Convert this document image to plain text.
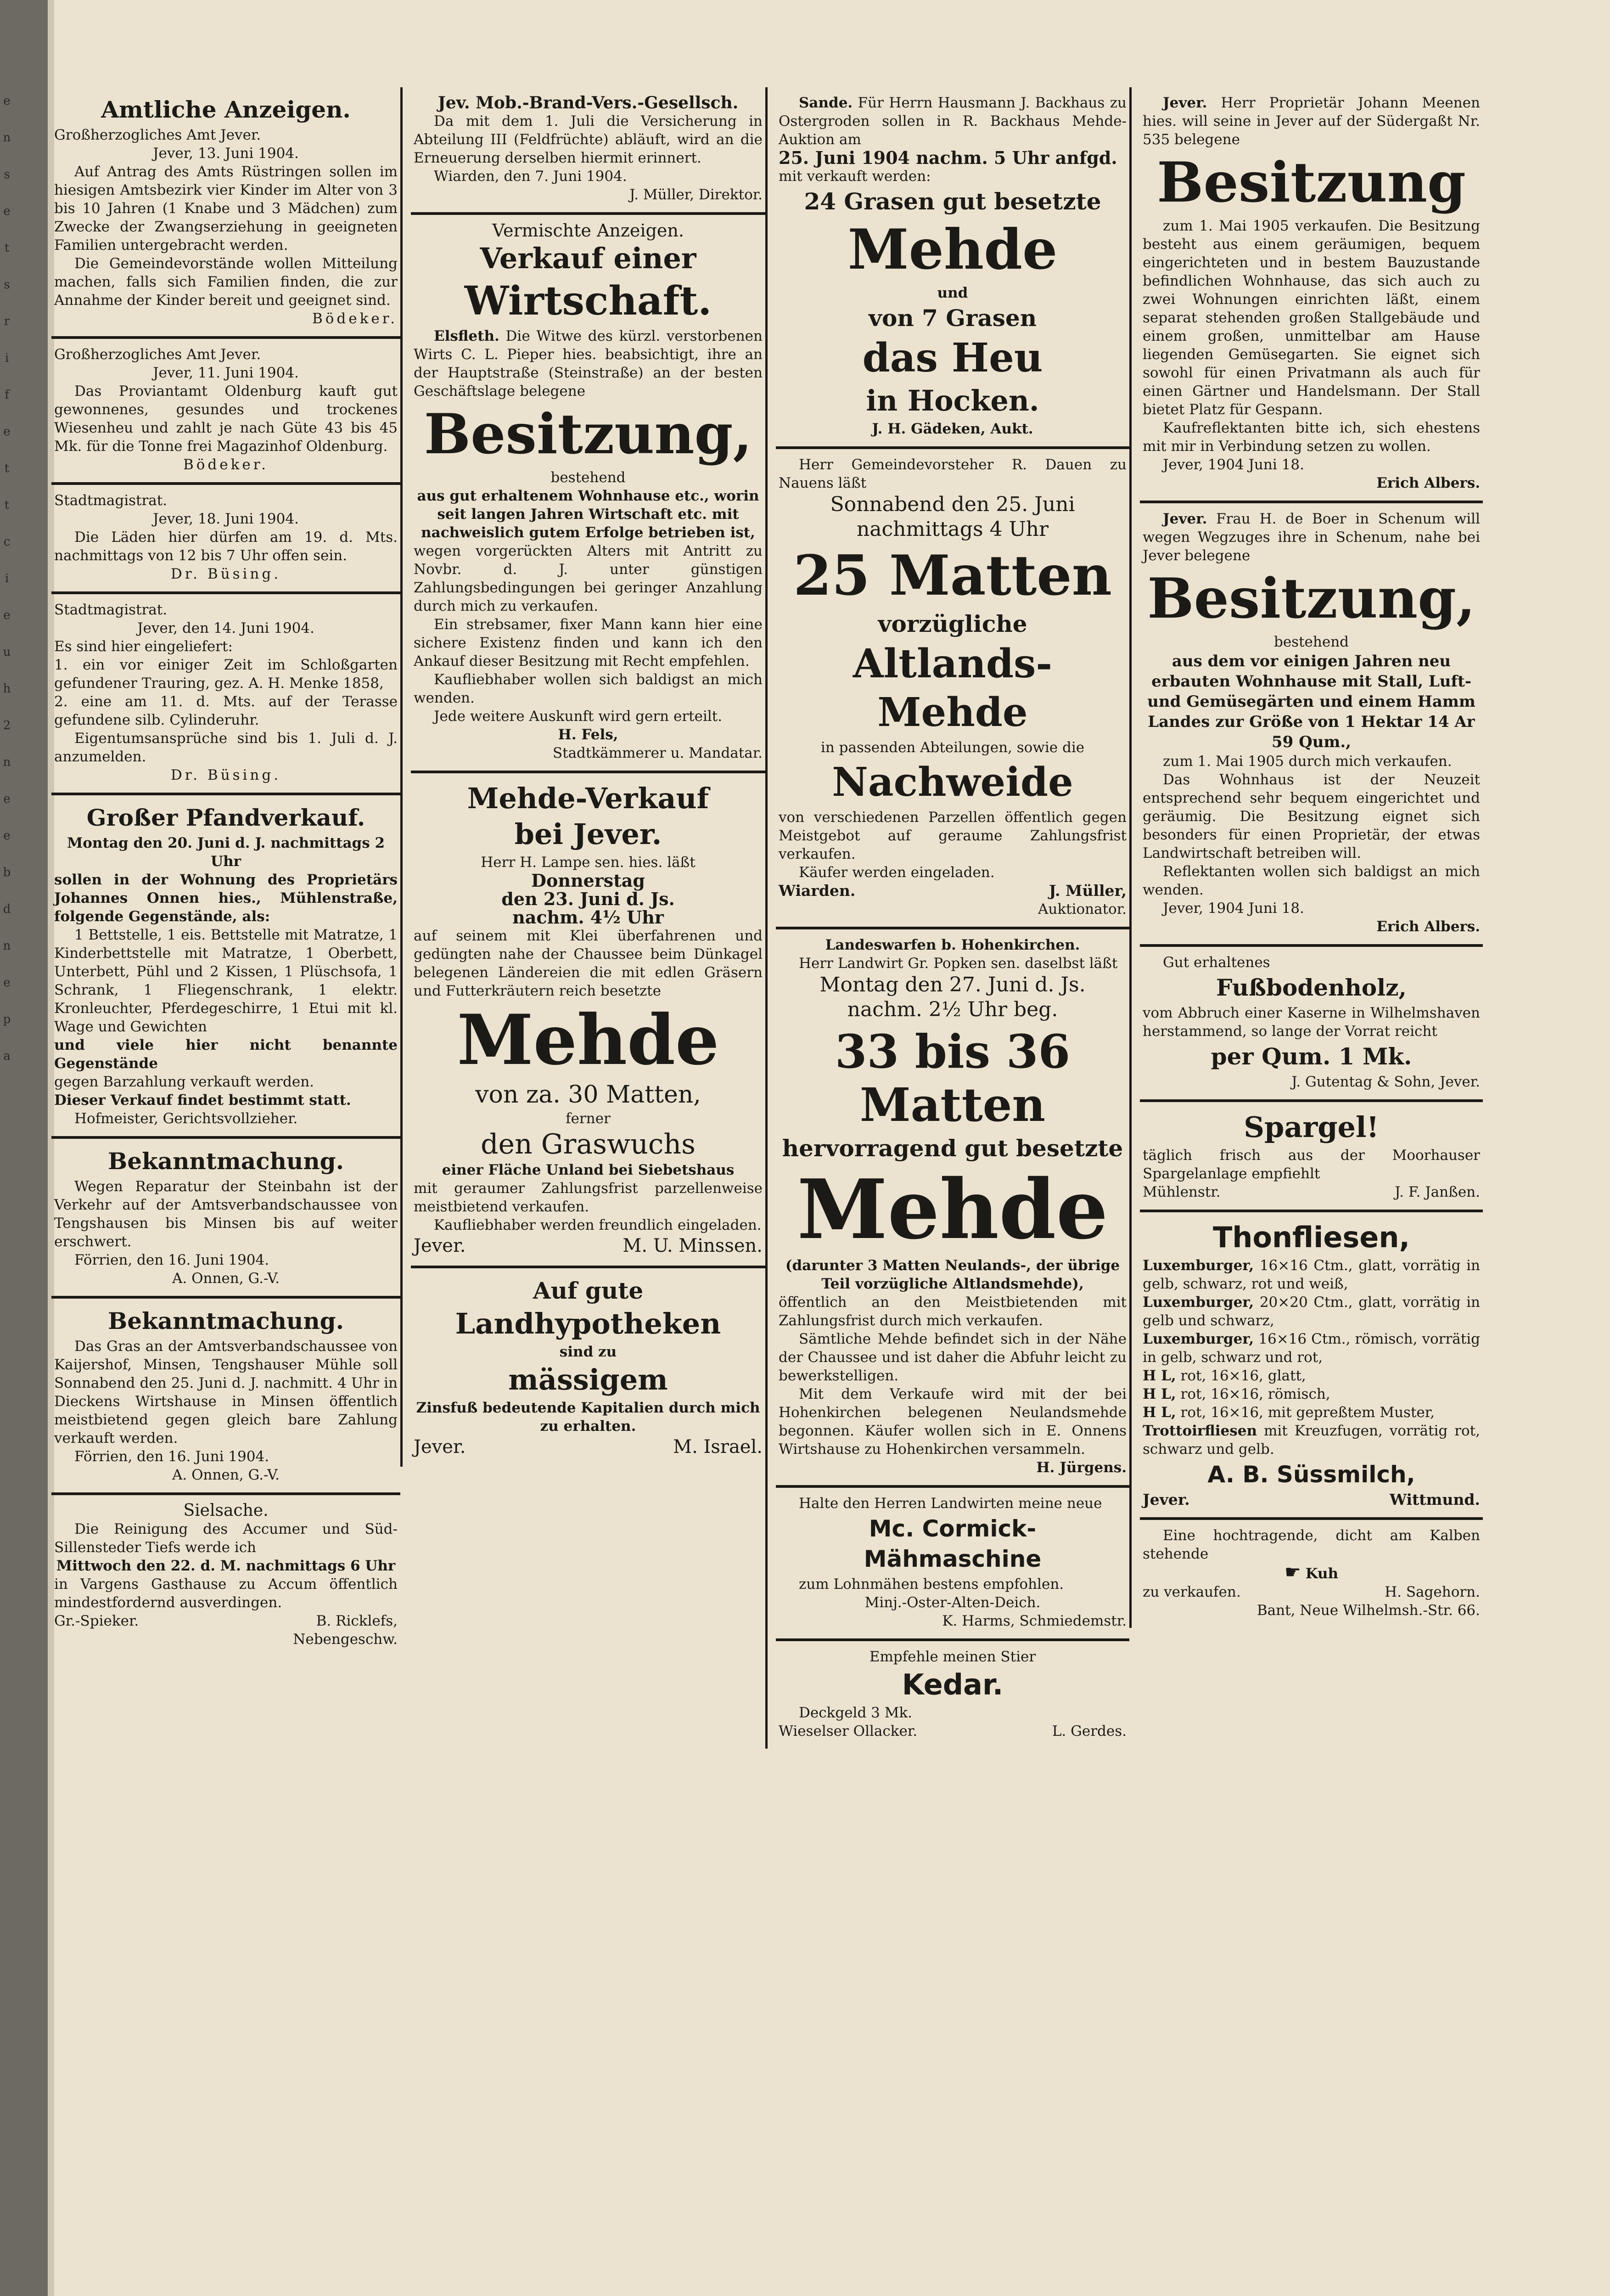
e
n
s
e
t
s
r
i
f
e
t
t
c
i
e
u
h
2
n
e
e
b
d
n
e
p
a

Amtliche Anzeigen.

Großherzogliches Amt Jever.

Jever, 13. Juni 1904.

Auf Antrag des Amts Rüstringen sollen im hiesigen Amtsbezirk vier Kinder im Alter von 3 bis 10 Jahren (1 Knabe und 3 Mädchen) zum Zwecke der Zwangserziehung in geeigneten Familien untergebracht werden.

Die Gemeindevorstände wollen Mitteilung machen, falls sich Familien finden, die zur Annahme der Kinder bereit und geeignet sind.

Bödeker.

Großherzogliches Amt Jever.

Jever, 11. Juni 1904.

Das Proviantamt Oldenburg kauft gut gewonnenes, gesundes und trockenes Wiesenheu und zahlt je nach Güte 43 bis 45 Mk. für die Tonne frei Magazinhof Oldenburg.

Bödeker.

Stadtmagistrat.

Jever, 18. Juni 1904.

Die Läden hier dürfen am 19. d. Mts. nachmittags von 12 bis 7 Uhr offen sein.

Dr. Büsing.

Stadtmagistrat.

Jever, den 14. Juni 1904.

Es sind hier eingeliefert:

1. ein vor einiger Zeit im Schloßgarten gefundener Trauring, gez. A. H. Menke 1858,

2. eine am 11. d. Mts. auf der Terasse gefundene silb. Cylinderuhr.

Eigentumsansprüche sind bis 1. Juli d. J. anzumelden.

Dr. Büsing.

Großer Pfandverkauf.

Montag den 20. Juni d. J. nachmittags 2 Uhr

sollen in der Wohnung des Proprietärs Johannes Onnen hies., Mühlenstraße, folgende Gegenstände, als:

1 Bettstelle, 1 eis. Bettstelle mit Matratze, 1 Kinderbettstelle mit Matratze, 1 Oberbett, Unterbett, Pühl und 2 Kissen, 1 Plüschsofa, 1 Schrank, 1 Fliegenschrank, 1 elektr. Kronleuchter, Pferdegeschirre, 1 Etui mit kl. Wage und Gewichten

und viele hier nicht benannte Gegenstände

gegen Barzahlung verkauft werden.

Dieser Verkauf findet bestimmt statt.

Hofmeister, Gerichtsvollzieher.

Bekanntmachung.

Wegen Reparatur der Steinbahn ist der Verkehr auf der Amtsverbandschaussee von Tengshausen bis Minsen bis auf weiter erschwert.

Förrien, den 16. Juni 1904.

A. Onnen, G.-V.

Bekanntmachung.

Das Gras an der Amtsverbandschaussee von Kaijershof, Minsen, Tengshauser Mühle soll Sonnabend den 25. Juni d. J. nachmitt. 4 Uhr in Dieckens Wirtshause in Minsen öffentlich meistbietend gegen gleich bare Zahlung verkauft werden.

Förrien, den 16. Juni 1904.

A. Onnen, G.-V.

Sielsache.

Die Reinigung des Accumer und Süd-Sillensteder Tiefs werde ich

Mittwoch den 22. d. M. nachmittags 6 Uhr

in Vargens Gasthause zu Accum öffentlich mindestfordernd ausverdingen.

Gr.-Spieker.	B. Ricklefs,

Nebengeschw.

Jev. Mob.-Brand-Vers.-Gesellsch.

Da mit dem 1. Juli die Versicherung in Abteilung III (Feldfrüchte) abläuft, wird an die Erneuerung derselben hiermit erinnert.

Wiarden, den 7. Juni 1904.

J. Müller, Direktor.

Vermischte Anzeigen.

Verkauf einer

Wirtschaft.

Elsfleth. Die Witwe des kürzl. verstorbenen Wirts C. L. Pieper hies. beabsichtigt, ihre an der Hauptstraße (Steinstraße) an der besten Geschäftslage belegene

Besitzung,

bestehend

aus gut erhaltenem Wohnhause etc., worin seit langen Jahren Wirtschaft etc. mit nachweislich gutem Erfolge betrieben ist,

wegen vorgerückten Alters mit Antritt zu Novbr. d. J. unter günstigen Zahlungsbedingungen bei geringer Anzahlung durch mich zu verkaufen.

Ein strebsamer, fixer Mann kann hier eine sichere Existenz finden und kann ich den Ankauf dieser Besitzung mit Recht empfehlen.

Kaufliebhaber wollen sich baldigst an mich wenden.

Jede weitere Auskunft wird gern erteilt.

H. Fels,

Stadtkämmerer u. Mandatar.

Mehde-Verkauf

bei Jever.

Herr H. Lampe sen. hies. läßt

Donnerstag

den 23. Juni d. Js.

nachm. 4½ Uhr

auf seinem mit Klei überfahrenen und gedüngten nahe der Chaussee beim Dünkagel belegenen Ländereien die mit edlen Gräsern und Futterkräutern reich besetzte

Mehde

von za. 30 Matten,

ferner

den Graswuchs

einer Fläche Unland bei Siebetshaus

mit geraumer Zahlungsfrist parzellenweise meistbietend verkaufen.

Kaufliebhaber werden freundlich eingeladen.

Jever.	M. U. Minssen.

Auf gute

Landhypotheken

sind zu

mässigem

Zinsfuß bedeutende Kapitalien durch mich zu erhalten.

Jever.	M. Israel.

Sande. Für Herrn Hausmann J. Backhaus zu Ostergroden sollen in R. Backhaus Mehde-Auktion am

25. Juni 1904 nachm. 5 Uhr anfgd.

mit verkauft werden:

24 Grasen gut besetzte

Mehde

und

von 7 Grasen

das Heu

in Hocken.

J. H. Gädeken, Aukt.

Herr Gemeindevorsteher R. Dauen zu Nauens läßt

Sonnabend den 25. Juni

nachmittags 4 Uhr

25 Matten

vorzügliche

Altlands-

Mehde

in passenden Abteilungen, sowie die

Nachweide

von verschiedenen Parzellen öffentlich gegen Meistgebot auf geraume Zahlungsfrist verkaufen.

Käufer werden eingeladen.

Wiarden.	J. Müller,

Auktionator.

Landeswarfen b. Hohenkirchen.

Herr Landwirt Gr. Popken sen. daselbst läßt

Montag den 27. Juni d. Js.

nachm. 2½ Uhr beg.

33 bis 36 Matten

hervorragend gut besetzte

Mehde

(darunter 3 Matten Neulands-, der übrige Teil vorzügliche Altlandsmehde),

öffentlich an den Meistbietenden mit Zahlungsfrist durch mich verkaufen.

Sämtliche Mehde befindet sich in der Nähe der Chaussee und ist daher die Abfuhr leicht zu bewerkstelligen.

Mit dem Verkaufe wird mit der bei Hohenkirchen belegenen Neulandsmehde begonnen. Käufer wollen sich in E. Onnens Wirtshause zu Hohenkirchen versammeln.

H. Jürgens.

Halte den Herren Landwirten meine neue

Mc. Cormick-

Mähmaschine

zum Lohnmähen bestens empfohlen.

Minj.-Oster-Alten-Deich.

K. Harms, Schmiedemstr.

Empfehle meinen Stier

Kedar.

Deckgeld 3 Mk.

Wieselser Ollacker.	L. Gerdes.

Jever. Herr Proprietär Johann Meenen hies. will seine in Jever auf der Südergaßt Nr. 535 belegene

Besitzung

zum 1. Mai 1905 verkaufen. Die Besitzung besteht aus einem geräumigen, bequem eingerichteten und in bestem Bauzustande befindlichen Wohnhause, das sich auch zu zwei Wohnungen einrichten läßt, einem separat stehenden großen Stallgebäude und einem großen, unmittelbar am Hause liegenden Gemüsegarten. Sie eignet sich sowohl für einen Privatmann als auch für einen Gärtner und Handelsmann. Der Stall bietet Platz für Gespann.

Kaufreflektanten bitte ich, sich ehestens mit mir in Verbindung setzen zu wollen.

Jever, 1904 Juni 18.

Erich Albers.

Jever. Frau H. de Boer in Schenum will wegen Wegzuges ihre in Schenum, nahe bei Jever belegene

Besitzung,

bestehend

aus dem vor einigen Jahren neu erbauten Wohnhause mit Stall, Luft- und Gemüsegärten und einem Hamm Landes zur Größe von 1 Hektar 14 Ar 59 Qum.,

zum 1. Mai 1905 durch mich verkaufen.

Das Wohnhaus ist der Neuzeit entsprechend sehr bequem eingerichtet und geräumig. Die Besitzung eignet sich besonders für einen Proprietär, der etwas Landwirtschaft betreiben will.

Reflektanten wollen sich baldigst an mich wenden.

Jever, 1904 Juni 18.

Erich Albers.

Gut erhaltenes

Fußbodenholz,

vom Abbruch einer Kaserne in Wilhelmshaven herstammend, so lange der Vorrat reicht

per Qum. 1 Mk.

J. Gutentag & Sohn, Jever.

Spargel!

täglich frisch aus der Moorhauser Spargelanlage empfiehlt

Mühlenstr.	J. F. Janßen.

Thonfliesen,

Luxemburger, 16×16 Ctm., glatt, vorrätig in gelb, schwarz, rot und weiß,

Luxemburger, 20×20 Ctm., glatt, vorrätig in gelb und schwarz,

Luxemburger, 16×16 Ctm., römisch, vorrätig in gelb, schwarz und rot,

H L, rot, 16×16, glatt,

H L, rot, 16×16, römisch,

H L, rot, 16×16, mit gepreßtem Muster,

Trottoirfliesen mit Kreuzfugen, vorrätig rot, schwarz und gelb.

A. B. Süssmilch,

Jever.	Wittmund.

Eine hochtragende, dicht am Kalben stehende

☛ Kuh

zu verkaufen.	H. Sagehorn.

Bant, Neue Wilhelmsh.-Str. 66.
